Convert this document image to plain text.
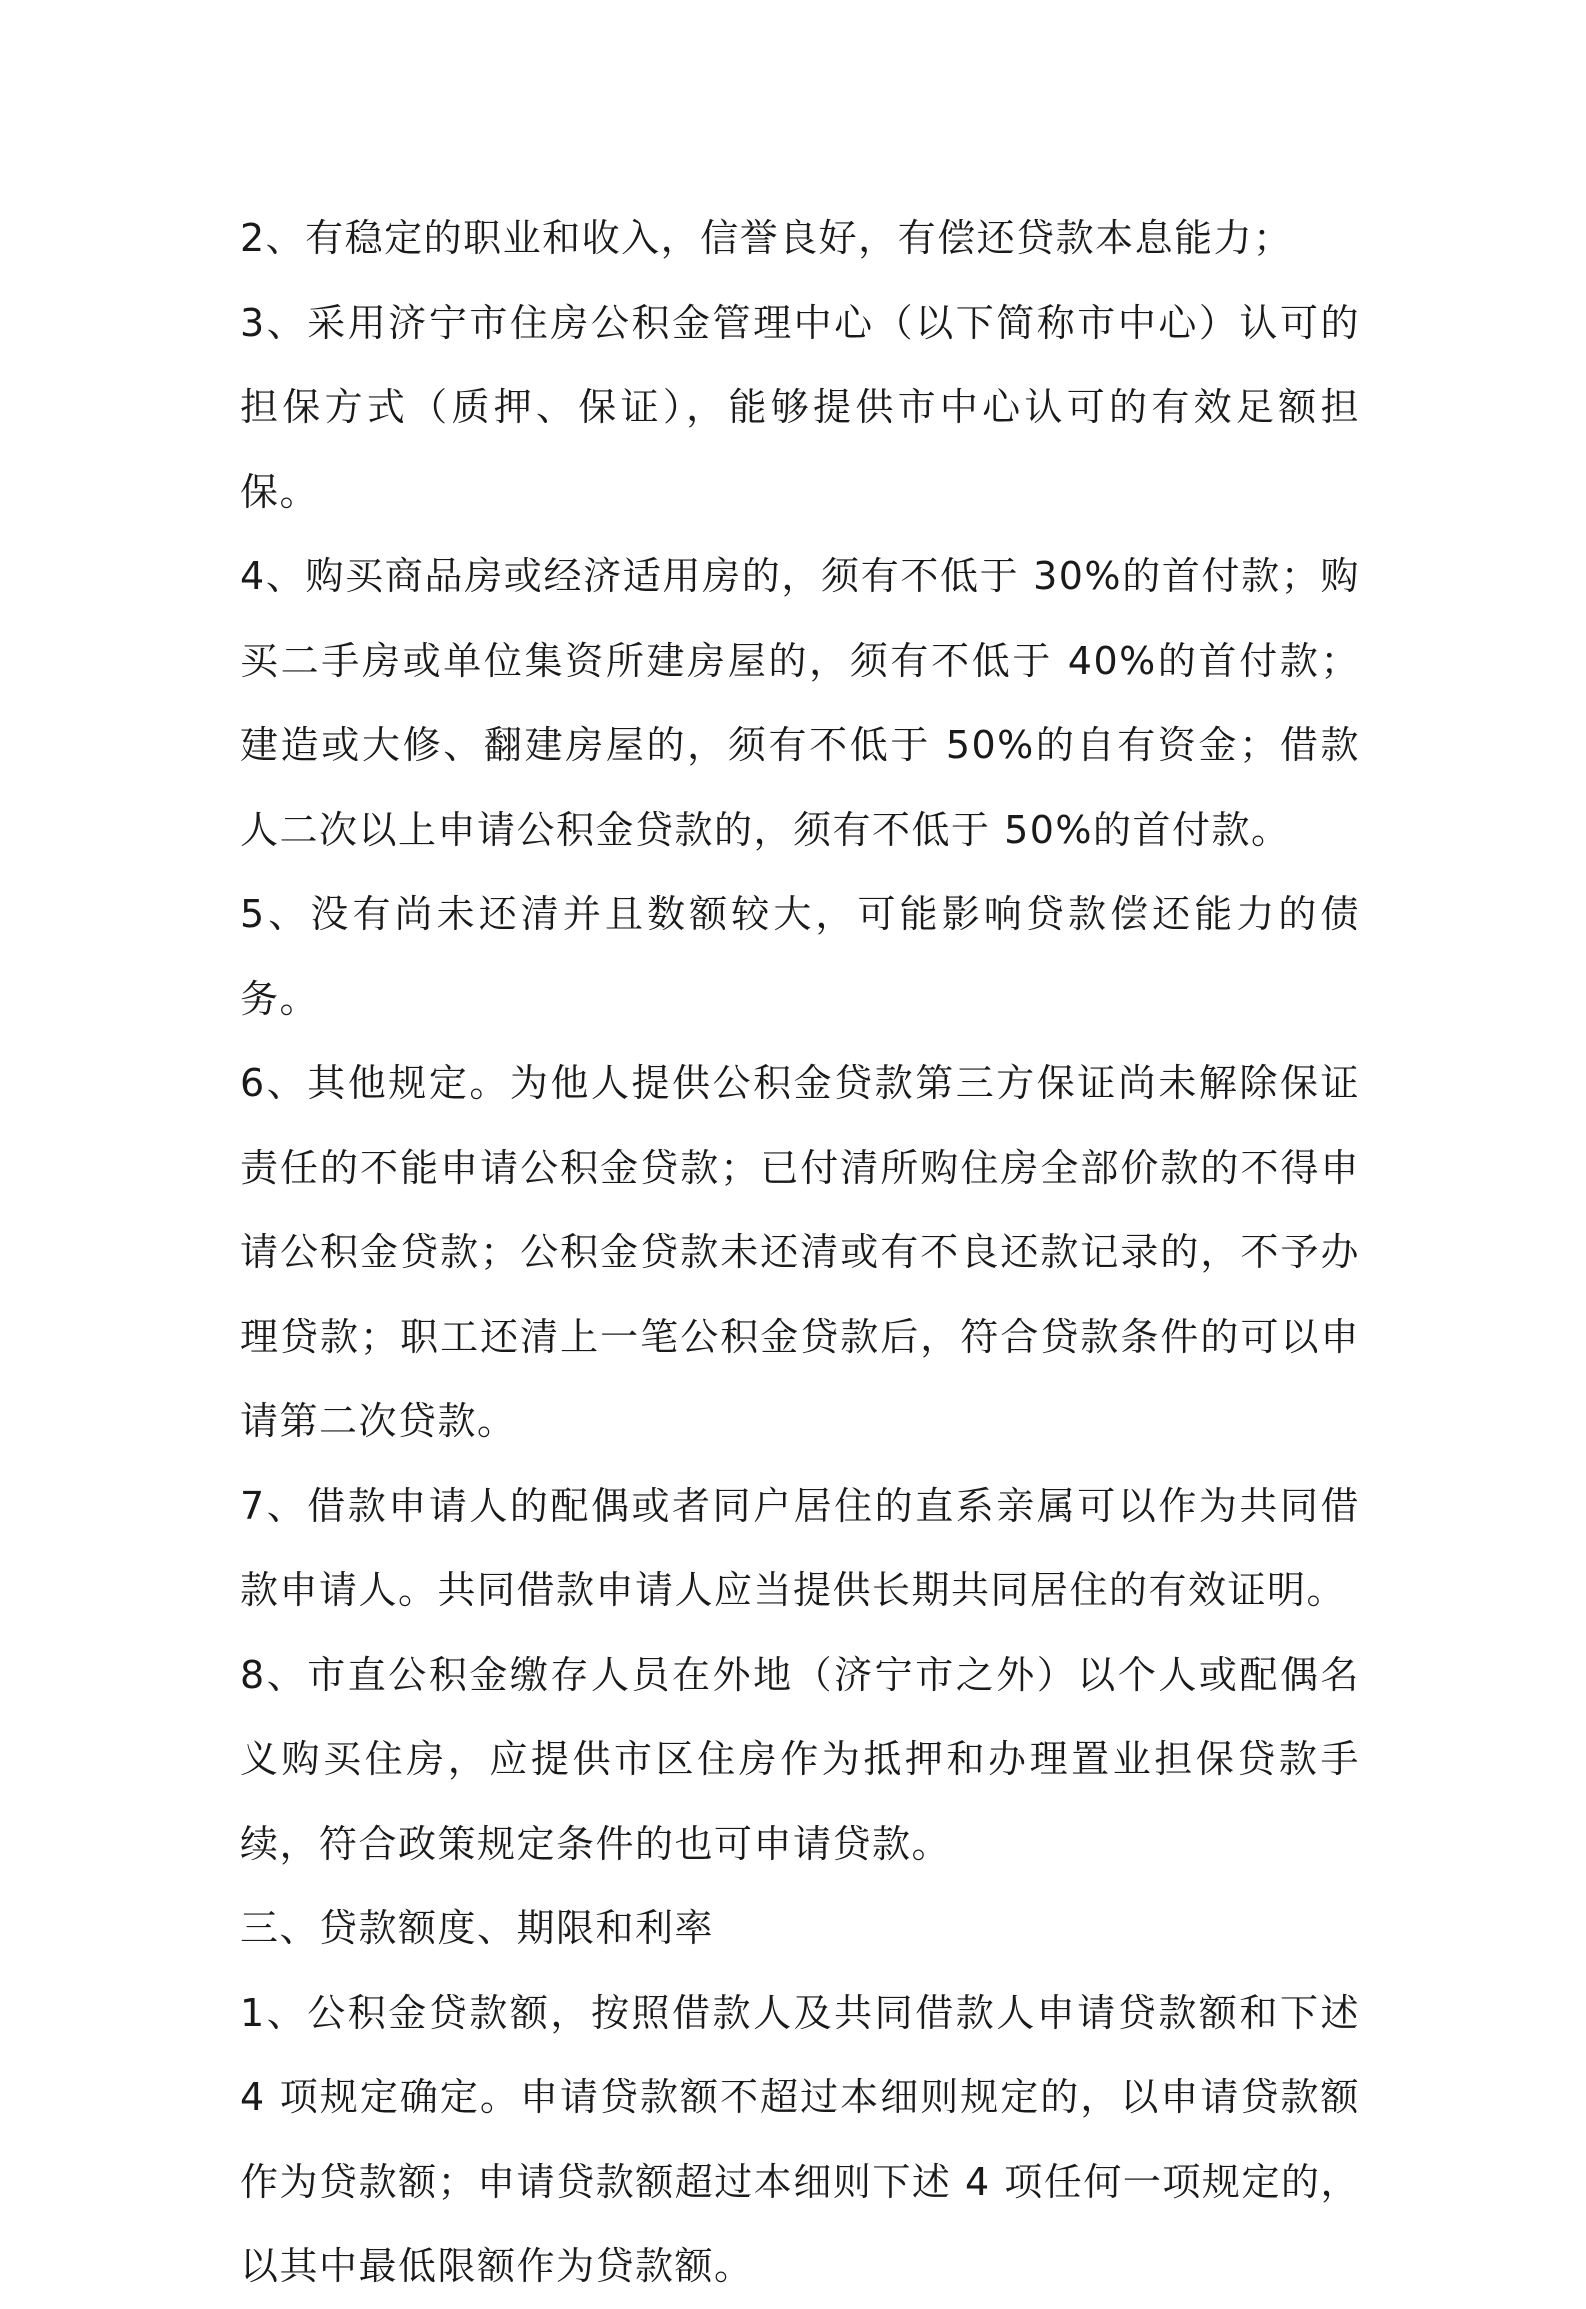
2、有稳定的职业和收入，信誉良好，有偿还贷款本息能力；

3、采用济宁市住房公积金管理中心（以下简称市中心）认可的担保方式（质押、保证），能够提供市中心认可的有效足额担保。

4、购买商品房或经济适用房的，须有不低于 30%的首付款；购买二手房或单位集资所建房屋的，须有不低于 40%的首付款；建造或大修、翻建房屋的，须有不低于 50%的自有资金；借款人二次以上申请公积金贷款的，须有不低于 50%的首付款。

5、没有尚未还清并且数额较大，可能影响贷款偿还能力的债务。

6、其他规定。为他人提供公积金贷款第三方保证尚未解除保证责任的不能申请公积金贷款；已付清所购住房全部价款的不得申请公积金贷款；公积金贷款未还清或有不良还款记录的，不予办理贷款；职工还清上一笔公积金贷款后，符合贷款条件的可以申请第二次贷款。

7、借款申请人的配偶或者同户居住的直系亲属可以作为共同借款申请人。共同借款申请人应当提供长期共同居住的有效证明。

8、市直公积金缴存人员在外地（济宁市之外）以个人或配偶名义购买住房，应提供市区住房作为抵押和办理置业担保贷款手续，符合政策规定条件的也可申请贷款。

三、贷款额度、期限和利率

1、公积金贷款额，按照借款人及共同借款人申请贷款额和下述 4 项规定确定。申请贷款额不超过本细则规定的，以申请贷款额作为贷款额；申请贷款额超过本细则下述 4 项任何一项规定的，以其中最低限额作为贷款额。
